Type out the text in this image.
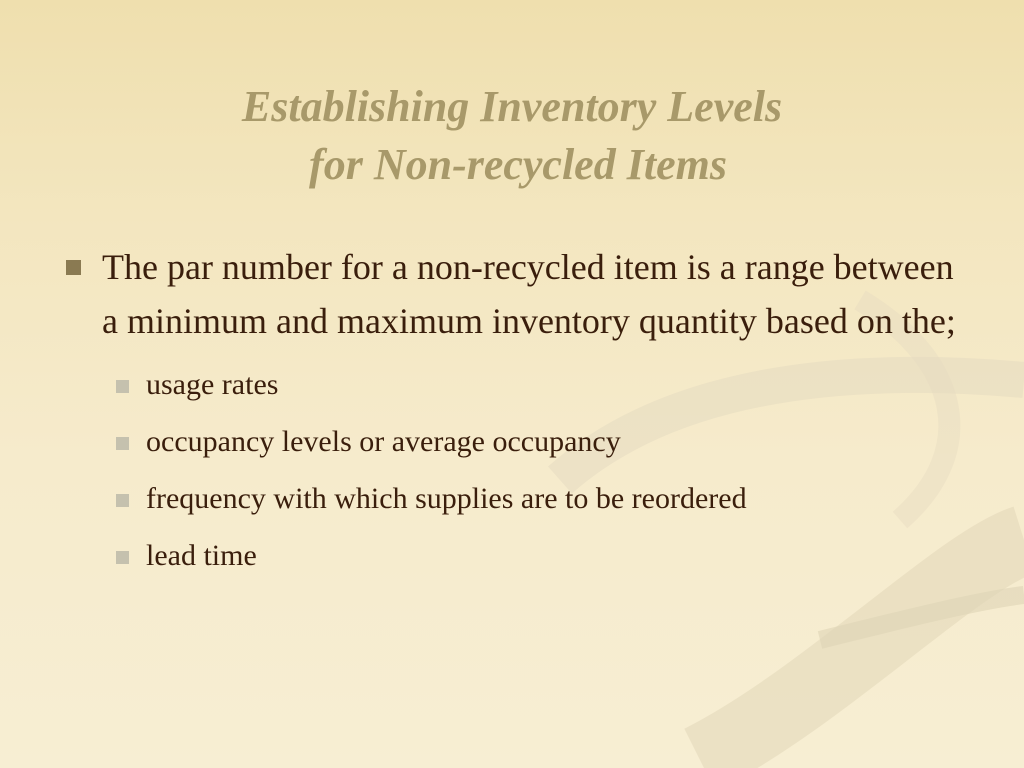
Establishing Inventory Levels
for Non-recycled Items
The par number for a non-recycled item is a range between a minimum and maximum inventory quantity based on the;
usage rates
occupancy levels or average occupancy
frequency with which supplies are to be reordered
lead time
